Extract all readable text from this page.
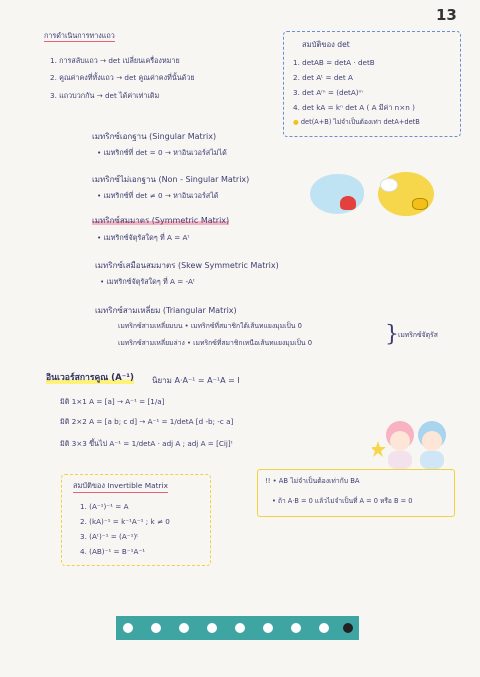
13
การดำเนินการทางแถว
1. การสลับแถว → det เปลี่ยนเครื่องหมาย
2. คูณค่าคงที่ทั้งแถว → det คูณค่าคงที่นั้นด้วย
3. แถวบวกกัน → det ได้ค่าเท่าเดิม
สมบัติของ det
1. detAB = detA · detB
2. det Aᵗ = det A
3. det Aᵐ = (detA)ᵐ
4. det kA = kⁿ det A ( A มีค่า n×n )
● det(A+B) ไม่จำเป็นต้องเท่า detA+detB
เมทริกซ์เอกฐาน (Singular Matrix)
• เมทริกซ์ที่ det = 0 → หาอินเวอร์สไม่ได้
เมทริกซ์ไม่เอกฐาน (Non - Singular Matrix)
• เมทริกซ์ที่ det ≠ 0 → หาอินเวอร์สได้
เมทริกซ์สมมาตร (Symmetric Matrix)
• เมทริกซ์จัตุรัสใดๆ ที่ A = Aᵗ
เมทริกซ์เสมือนสมมาตร (Skew Symmetric Matrix)
• เมทริกซ์จัตุรัสใดๆ ที่ A = -Aᵗ
เมทริกซ์สามเหลี่ยม (Triangular Matrix)
เมทริกซ์สามเหลี่ยมบน • เมทริกซ์ที่สมาชิกใต้เส้นทแยงมุมเป็น 0
เมทริกซ์สามเหลี่ยมล่าง • เมทริกซ์ที่สมาชิกเหนือเส้นทแยงมุมเป็น 0	} เมทริกซ์จัตุรัส
อินเวอร์สการคูณ (A⁻¹) นิยาม A·A⁻¹ = A⁻¹A = I
มิติ 1×1 A = [a] → A⁻¹ = [1/a]
มิติ 2×2 A = [a b; c d] → A⁻¹ = 1/detA [d -b; -c a]
มิติ 3×3 ขึ้นไป A⁻¹ = 1/detA · adj A ; adj A = [Cij]ᵗ
สมบัติของ Invertible Matrix
1. (A⁻¹)⁻¹ = A
2. (kA)⁻¹ = k⁻¹A⁻¹ ; k ≠ 0
3. (Aᵗ)⁻¹ = (A⁻¹)ᵗ
4. (AB)⁻¹ = B⁻¹A⁻¹
!! • AB ไม่จำเป็นต้องเท่ากับ BA
• ถ้า A·B = 0 แล้วไม่จำเป็นที่ A = 0 หรือ B = 0
